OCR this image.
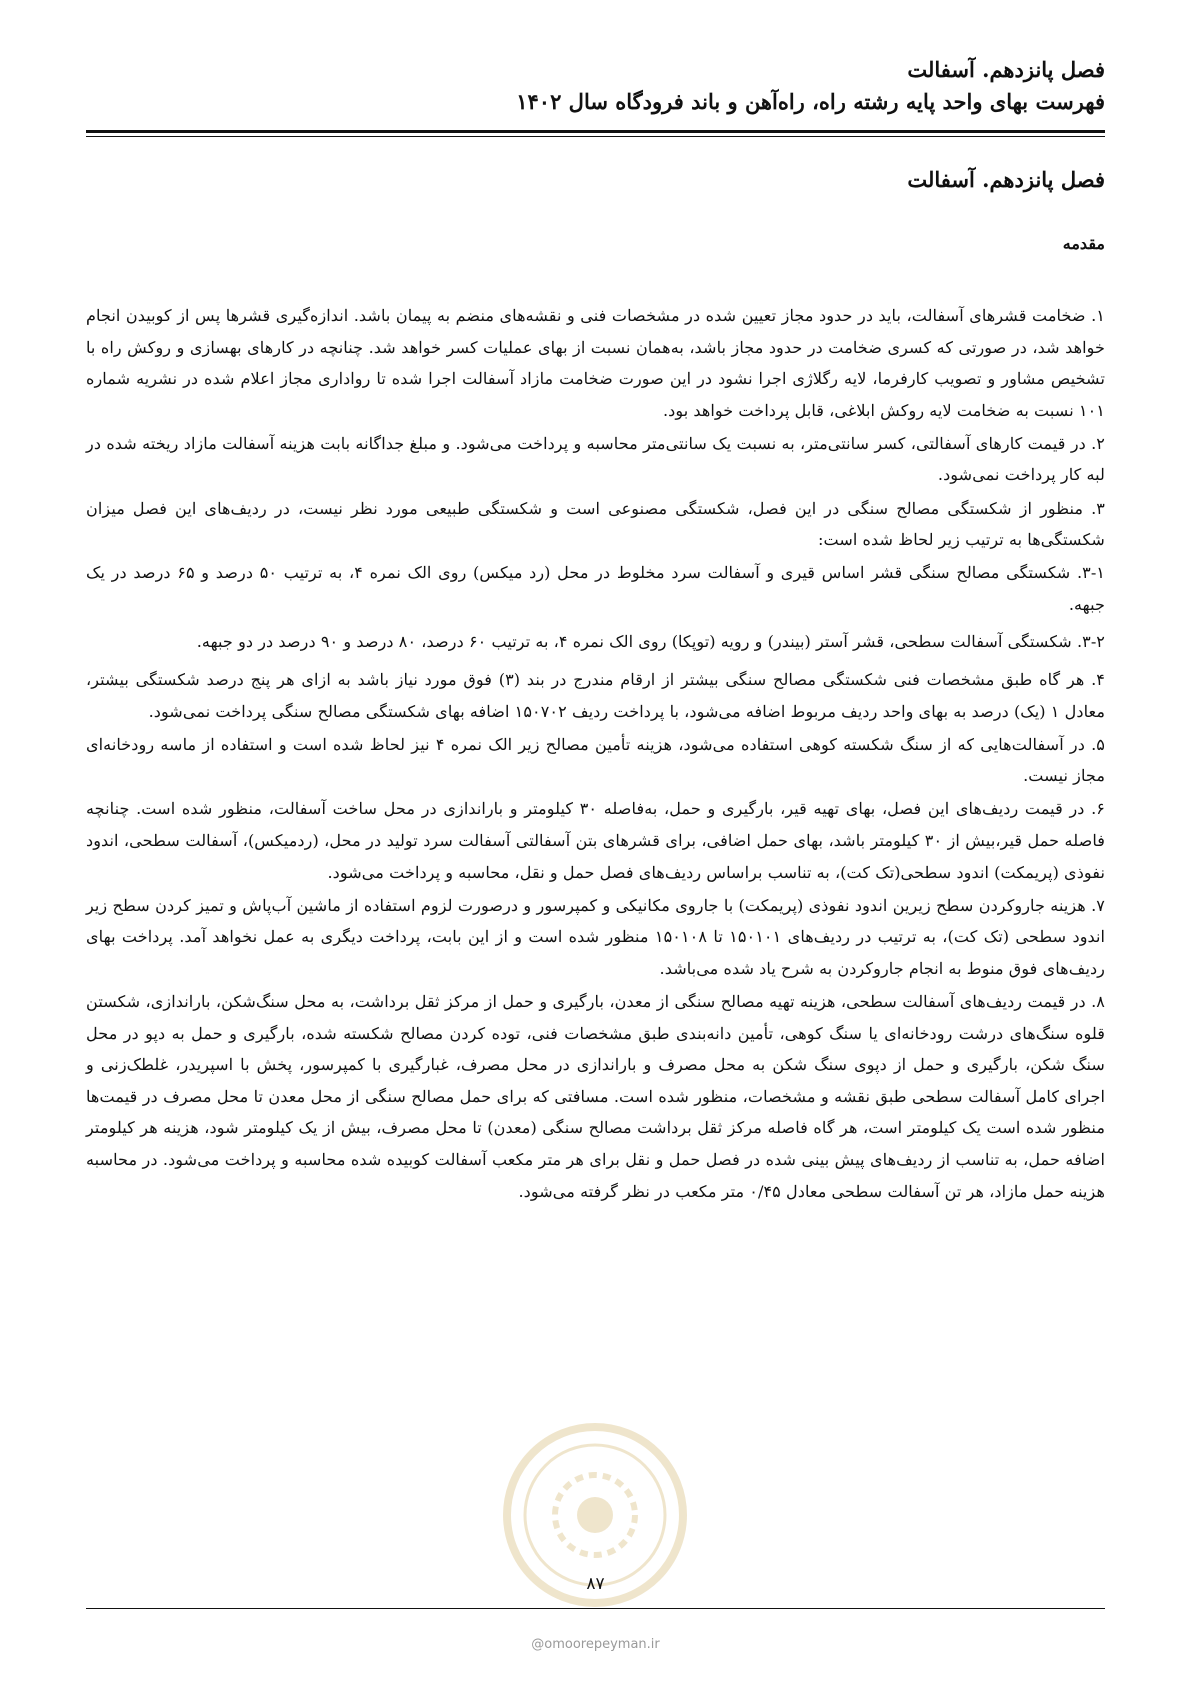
فصل پانزدهم. آسفالت
فهرست بهای واحد پایه رشته راه، راه‌آهن و باند فرودگاه سال ۱۴۰۲
فصل پانزدهم. آسفالت
مقدمه

۱. ضخامت قشرهای آسفالت، باید در حدود مجاز تعیین شده در مشخصات فنی و نقشه‌های منضم به پیمان باشد. اندازه‌گیری قشرها پس از کوبیدن انجام خواهد شد، در صورتی که کسری ضخامت در حدود مجاز باشد، به‌همان نسبت از بهای عملیات کسر خواهد شد. چنانچه در کارهای بهسازی و روکش راه با تشخیص مشاور و تصویب کارفرما، لایه رگلاژی اجرا نشود در این صورت ضخامت مازاد آسفالت اجرا شده تا رواداری مجاز اعلام شده در نشریه شماره ۱۰۱ نسبت به ضخامت لایه روکش ابلاغی، قابل پرداخت خواهد بود.

۲. در قیمت کارهای آسفالتی، کسر سانتی‌متر، به نسبت یک سانتی‌متر محاسبه و پرداخت می‌شود. و مبلغ جداگانه بابت هزینه آسفالت مازاد ریخته شده در لبه کار پرداخت نمی‌شود.

۳. منظور از شکستگی مصالح سنگی در این فصل، شکستگی مصنوعی است و شکستگی طبیعی مورد نظر نیست، در ردیف‌های این فصل میزان شکستگی‌ها به ترتیب زیر لحاظ شده است:

۳-۱. شکستگی مصالح سنگی قشر اساس قیری و آسفالت سرد مخلوط در محل (رد میکس) روی الک نمره ۴، به ترتیب ۵۰ درصد و ۶۵ درصد در یک جبهه.

۳-۲. شکستگی آسفالت سطحی، قشر آستر (بیندر) و رویه (توپکا) روی الک نمره ۴، به ترتیب ۶۰ درصد، ۸۰ درصد و ۹۰ درصد در دو جبهه.

۴. هر گاه طبق مشخصات فنی شکستگی مصالح سنگی بیشتر از ارقام مندرج در بند (۳) فوق مورد نیاز باشد به ازای هر پنج درصد شکستگی بیشتر، معادل ۱ (یک) درصد به بهای واحد ردیف مربوط اضافه می‌شود، با پرداخت ردیف ۱۵۰۷۰۲ اضافه بهای شکستگی مصالح سنگی پرداخت نمی‌شود.

۵. در آسفالت‌هایی که از سنگ شکسته کوهی استفاده می‌شود، هزینه تأمین مصالح زیر الک نمره ۴ نیز لحاظ شده است و استفاده از ماسه رودخانه‌ای مجاز نیست.

۶. در قیمت ردیف‌های این فصل، بهای تهیه قیر، بارگیری و حمل، به‌فاصله ۳۰ کیلومتر و باراندازی در محل ساخت آسفالت، منظور شده است. چنانچه فاصله حمل قیر،بیش از ۳۰ کیلومتر باشد، بهای حمل اضافی، برای قشرهای بتن آسفالتی آسفالت سرد تولید در محل، (ردمیکس)، آسفالت سطحی، اندود نفوذی (پریمکت) اندود سطحی(تک کت)، به تناسب براساس ردیف‌های فصل حمل و نقل، محاسبه و پرداخت می‌شود.

۷. هزینه جاروکردن سطح زیرین اندود نفوذی (پریمکت) با جاروی مکانیکی و کمپرسور و درصورت لزوم استفاده از ماشین آب‌پاش و تمیز کردن سطح زیر اندود سطحی (تک کت)، به ترتیب در ردیف‌های ۱۵۰۱۰۱ تا ۱۵۰۱۰۸ منظور شده است و از این بابت، پرداخت دیگری به عمل نخواهد آمد. پرداخت بهای ردیف‌های فوق منوط به انجام جاروکردن به شرح یاد شده می‌باشد.

۸. در قیمت ردیف‌های آسفالت سطحی، هزینه تهیه مصالح سنگی از معدن، بارگیری و حمل از مرکز ثقل برداشت، به محل سنگ‌شکن، باراندازی، شکستن قلوه سنگ‌های درشت رودخانه‌ای یا سنگ کوهی، تأمین دانه‌بندی طبق مشخصات فنی، توده کردن مصالح شکسته شده، بارگیری و حمل به دپو در محل سنگ شکن، بارگیری و حمل از دپوی سنگ شکن به محل مصرف و باراندازی در محل مصرف، غبارگیری با کمپرسور، پخش با اسپریدر، غلطک‌زنی و اجرای کامل آسفالت سطحی طبق نقشه و مشخصات، منظور شده است. مسافتی که برای حمل مصالح سنگی از محل معدن تا محل مصرف در قیمت‌ها منظور شده است یک کیلومتر است، هر گاه فاصله مرکز ثقل برداشت مصالح سنگی (معدن) تا محل مصرف، بیش از یک کیلومتر شود، هزینه هر کیلومتر اضافه حمل، به تناسب از ردیف‌های پیش بینی شده در فصل حمل و نقل برای هر متر مکعب آسفالت کوبیده شده محاسبه و پرداخت می‌شود. در محاسبه هزینه حمل مازاد، هر تن آسفالت سطحی معادل ۰/۴۵ متر مکعب در نظر گرفته می‌شود.

۸۷
@omoorepeyman.ir
